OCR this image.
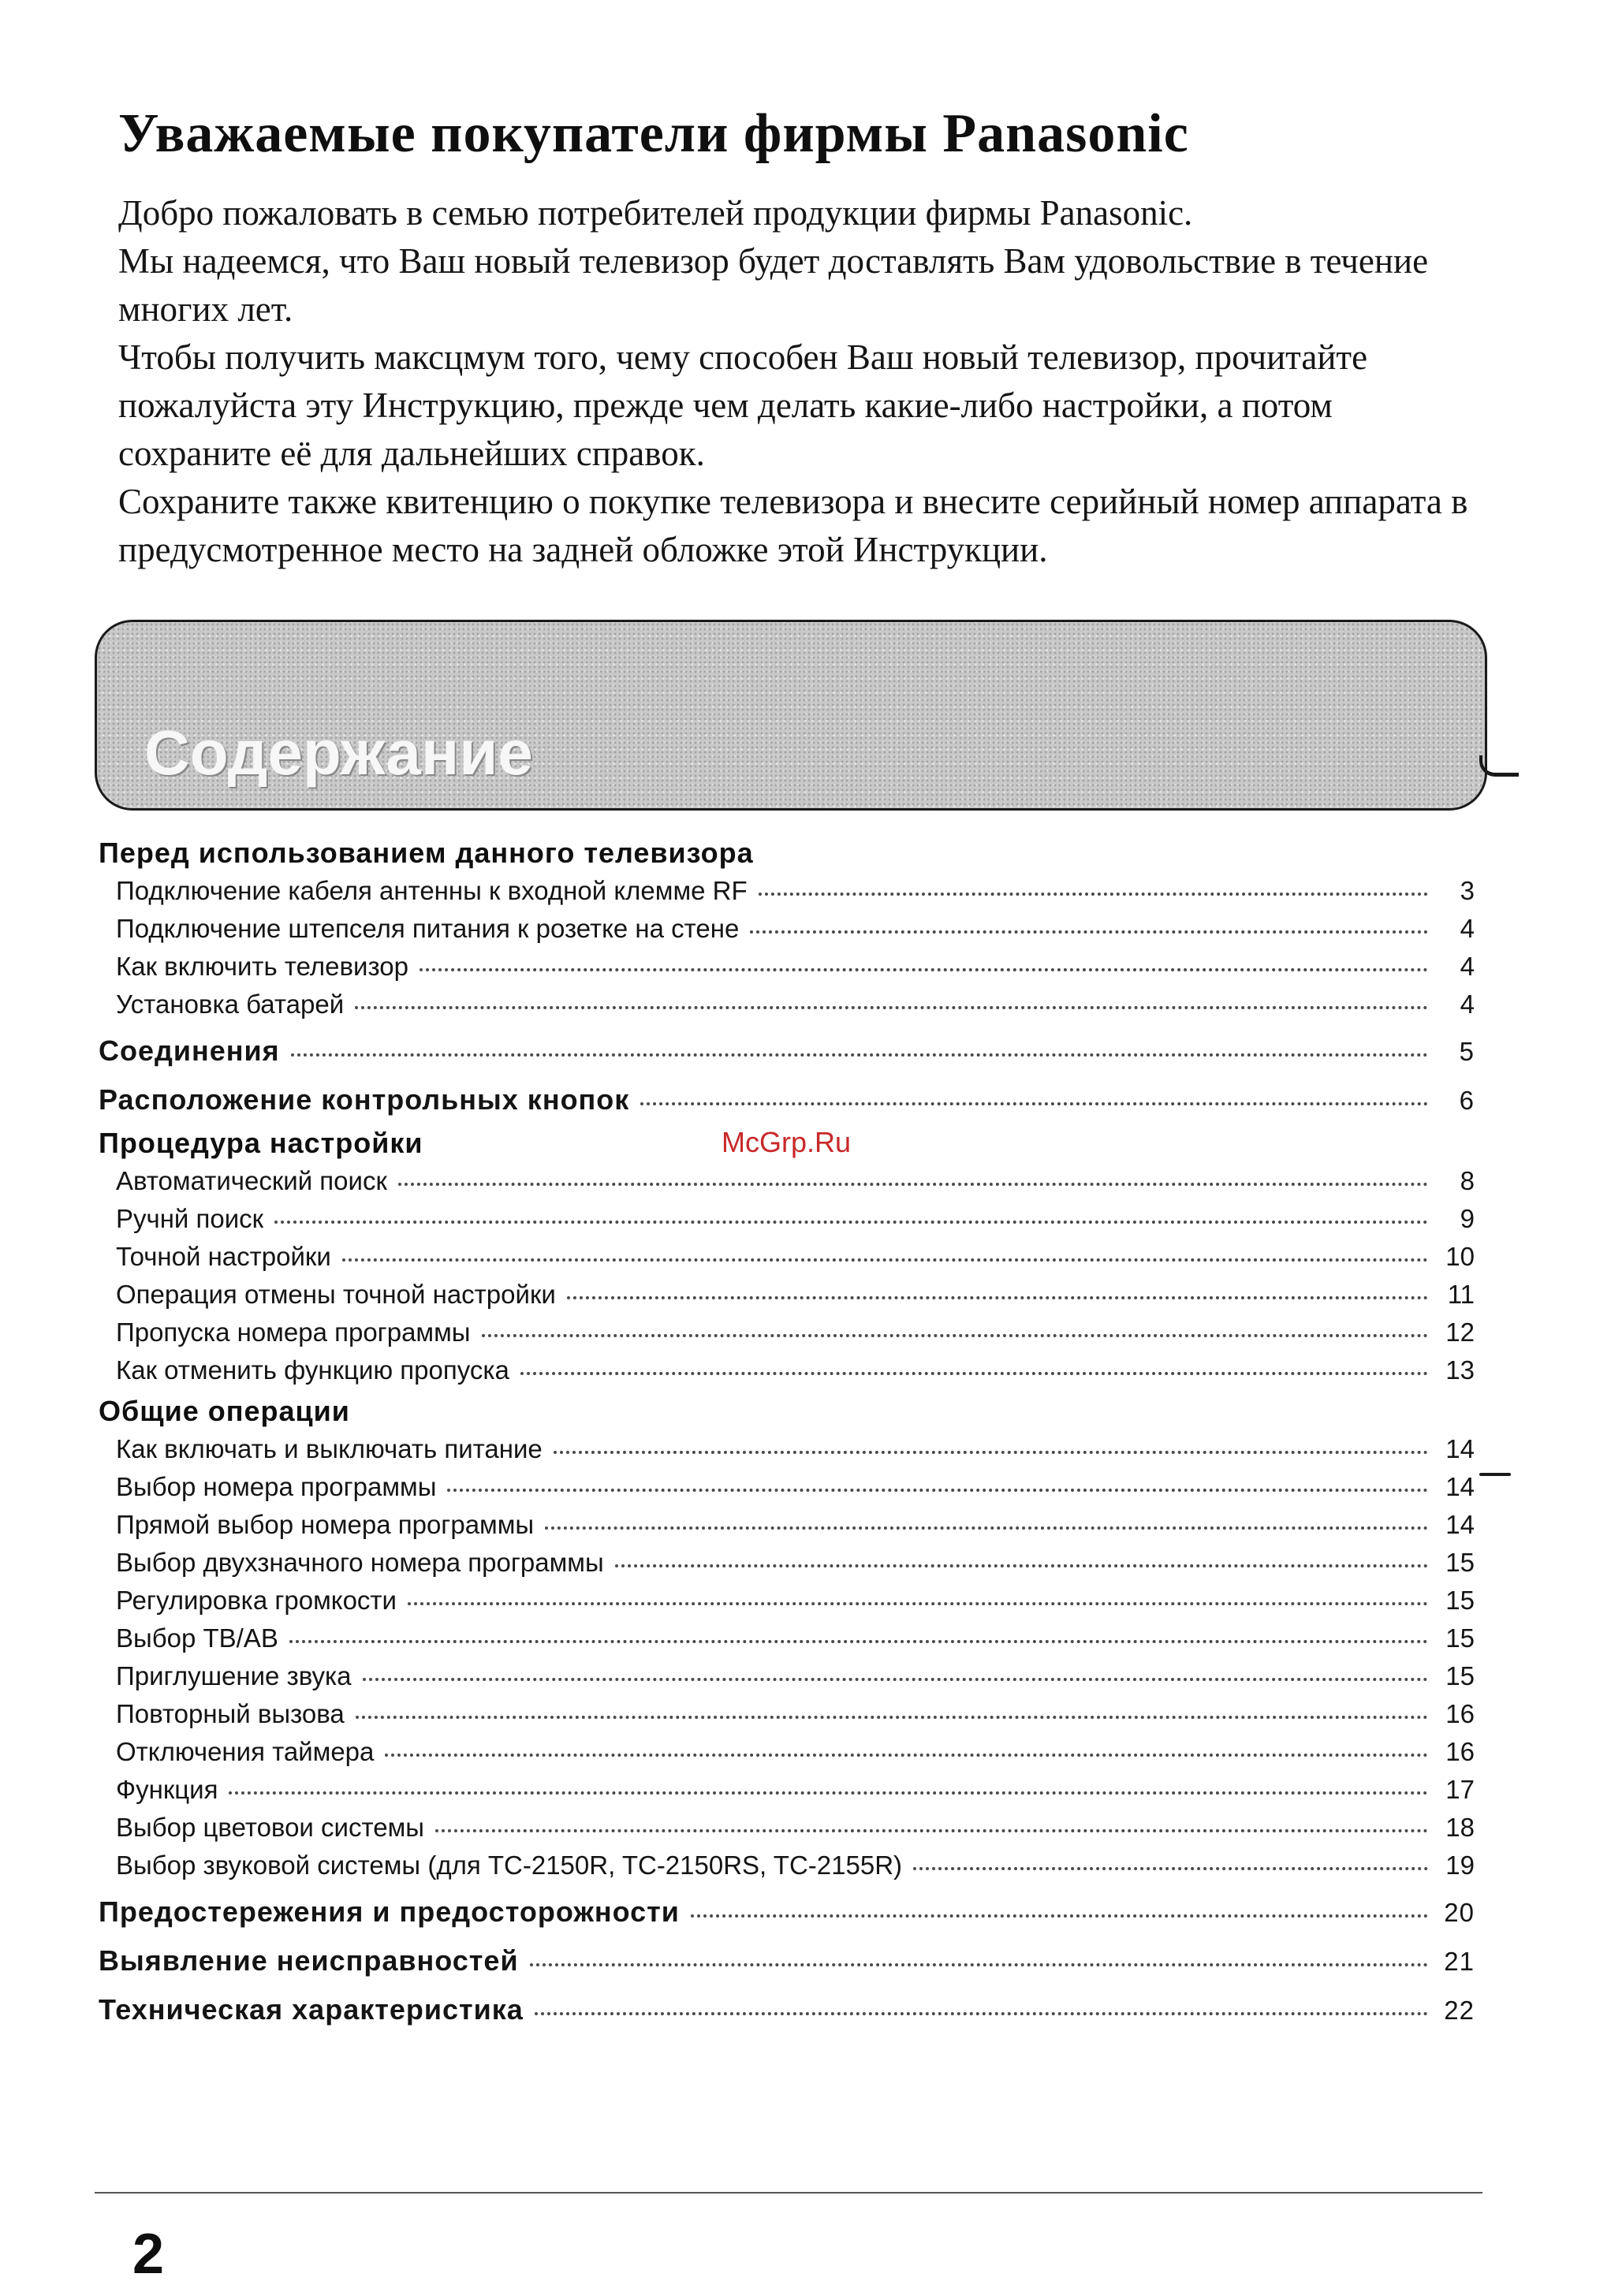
Уважаемые покупатели фирмы Panasonic

Добро пожаловать в семью потребителей продукции фирмы Panasonic.

Мы надеемся, что Ваш новый телевизор будет доставлять Вам удовольствие в течение многих лет.

Чтобы получить максцмум того, чему способен Ваш новый телевизор, прочитайте пожалуйста эту Инструкцию, прежде чем делать какие-либо настройки, а потом сохраните её для дальнейших справок.

Сохраните также квитенцию о покупке телевизора и внесите серийный номер аппарата в предусмотренное место на задней обложке этой Инструкции.

Содержание
Перед использованием данного телевизора
Подключение кабеля антенны к входной клемме RF	3
Подключение штепселя питания к розетке на стене	4
Как включить телевизор	4
Установка батарей	4
Соединения	5
Расположение контрольных кнопок	6
Процедура настройки
Автоматический поиск	8
Ручнй поиск	9
Точной настройки	10
Операция отмены точной настройки	11
Пропуска номера программы	12
Как отменить функцию пропуска	13
Общие операции
Как включать и выключать питание	14
Выбор номера программы	14
Прямой выбор номера программы	14
Выбор двухзначного номера программы	15
Регулировка громкости	15
Выбор ТВ/АВ	15
Приглушение звука	15
Повторный вызова	16
Отключения таймера	16
Функция	17
Выбор цветовои системы	18
Выбор звуковой системы (для TC-2150R, TC-2150RS, TC-2155R)	19
Предостережения и предосторожности	20
Выявление неисправностей	21
Техническая характеристика	22
McGrp.Ru
2
